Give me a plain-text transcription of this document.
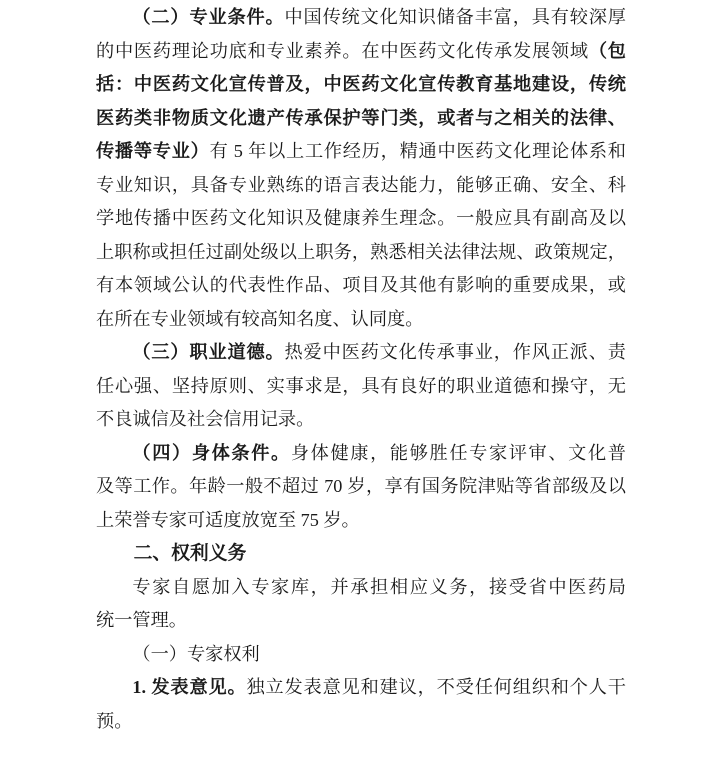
（二）专业条件。中国传统文化知识储备丰富，具有较深厚
的中医药理论功底和专业素养。在中医药文化传承发展领域（包
括：中医药文化宣传普及，中医药文化宣传教育基地建设，传统
医药类非物质文化遗产传承保护等门类，或者与之相关的法律、
传播等专业）有 5 年以上工作经历，精通中医药文化理论体系和
专业知识，具备专业熟练的语言表达能力，能够正确、安全、科
学地传播中医药文化知识及健康养生理念。一般应具有副高及以
上职称或担任过副处级以上职务，熟悉相关法律法规、政策规定，
有本领域公认的代表性作品、项目及其他有影响的重要成果，或
在所在专业领域有较高知名度、认同度。
（三）职业道德。热爱中医药文化传承事业，作风正派、责
任心强、坚持原则、实事求是，具有良好的职业道德和操守，无
不良诚信及社会信用记录。
（四）身体条件。身体健康，能够胜任专家评审、文化普
及等工作。年龄一般不超过 70 岁，享有国务院津贴等省部级及以
上荣誉专家可适度放宽至 75 岁。
二、权利义务
专家自愿加入专家库，并承担相应义务，接受省中医药局
统一管理。
（一）专家权利
1. 发表意见。独立发表意见和建议，不受任何组织和个人干
预。
